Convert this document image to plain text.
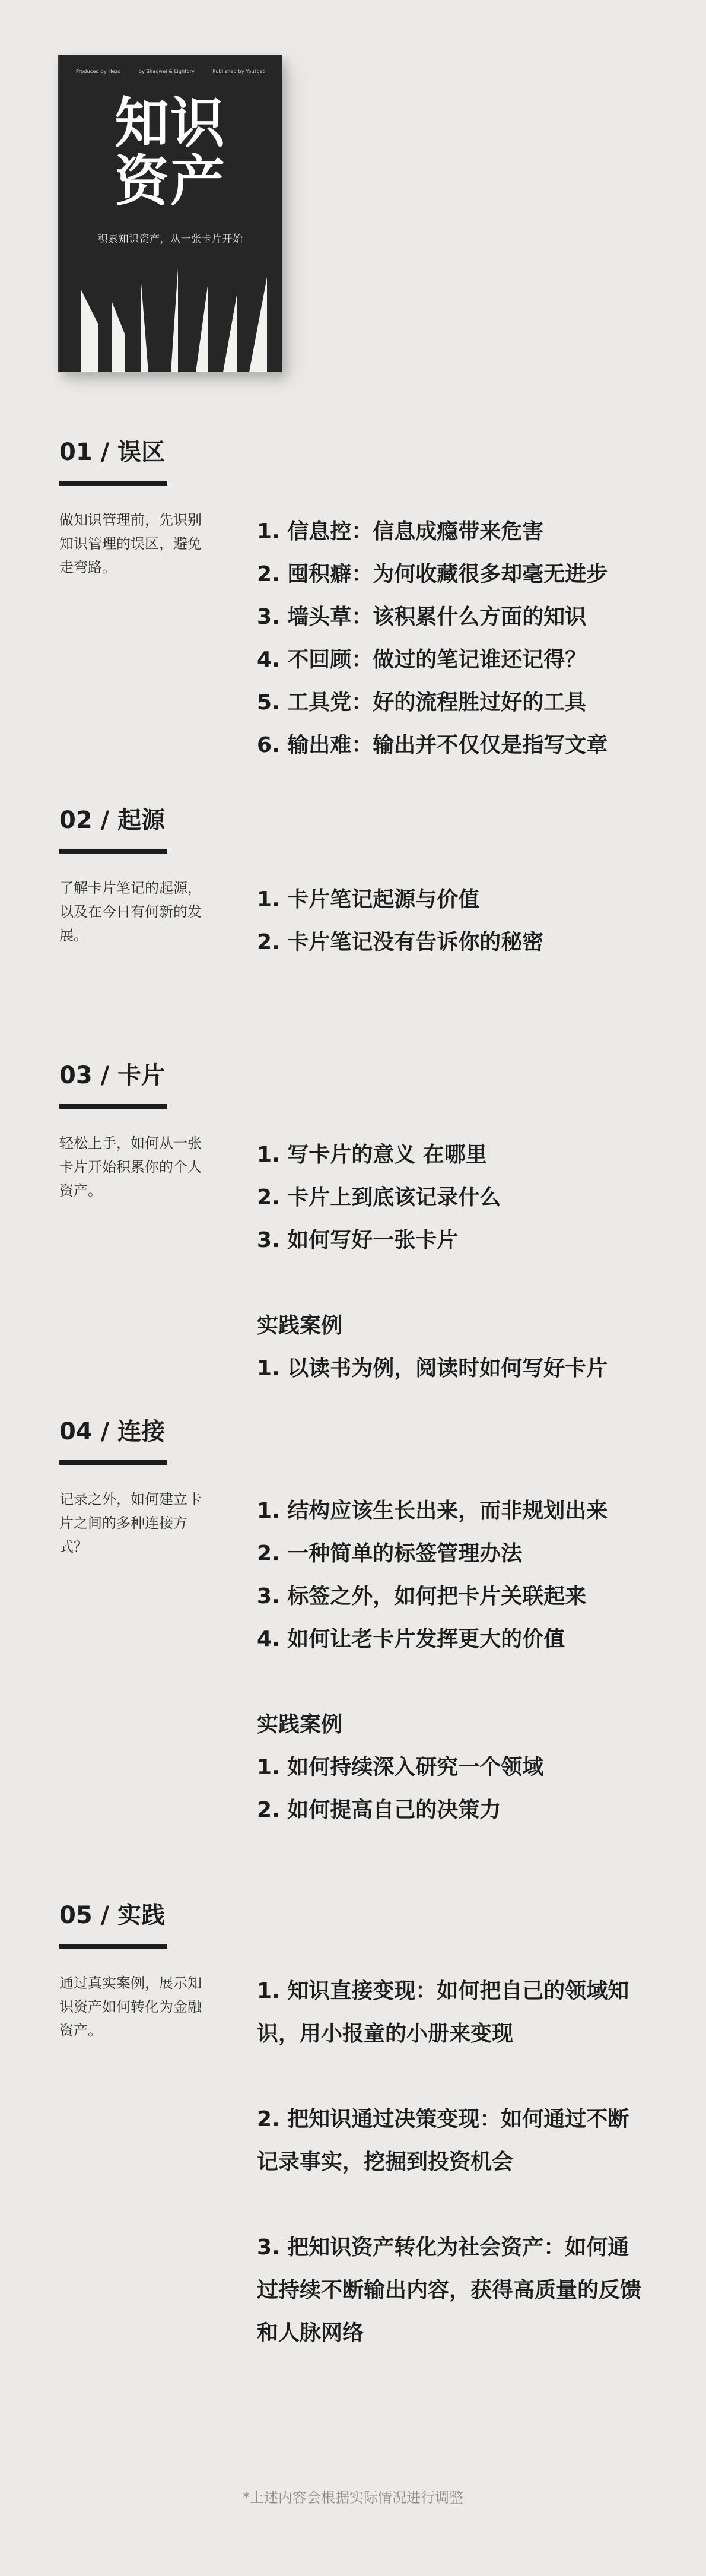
Produced by Hezo	by Shaowei & Lightory	Published by Youtpet
知识
资产
积累知识资产，从一张卡片开始
01 / 误区
做知识管理前，先识别知识管理的误区，避免走弯路。
1. 信息控：信息成瘾带来危害
2. 囤积癖：为何收藏很多却毫无进步
3. 墙头草：该积累什么方面的知识
4. 不回顾：做过的笔记谁还记得？
5. 工具党：好的流程胜过好的工具
6. 输出难：输出并不仅仅是指写文章
02 / 起源
了解卡片笔记的起源，以及在今日有何新的发展。
1. 卡片笔记起源与价值
2. 卡片笔记没有告诉你的秘密
03 / 卡片
轻松上手，如何从一张卡片开始积累你的个人资产。
1. 写卡片的意义 在哪里
2. 卡片上到底该记录什么
3. 如何写好一张卡片
实践案例
1. 以读书为例，阅读时如何写好卡片
04 / 连接
记录之外，如何建立卡片之间的多种连接方式？
1. 结构应该生长出来，而非规划出来
2. 一种简单的标签管理办法
3. 标签之外，如何把卡片关联起来
4. 如何让老卡片发挥更大的价值
实践案例
1. 如何持续深入研究一个领域
2. 如何提高自己的决策力
05 / 实践
通过真实案例，展示知识资产如何转化为金融资产。

1. 知识直接变现：如何把自己的领域知识，用小报童的小册来变现

2. 把知识通过决策变现：如何通过不断记录事实，挖掘到投资机会

3. 把知识资产转化为社会资产：如何通过持续不断输出内容，获得高质量的反馈和人脉网络

*上述内容会根据实际情况进行调整
